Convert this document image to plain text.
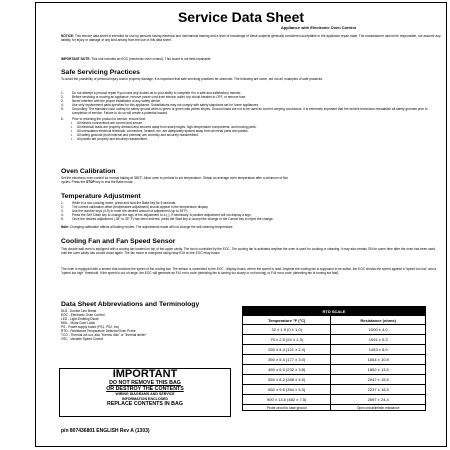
Service Data Sheet
Appliance with Electronic Oven Control
NOTICE: This service data sheet is intended for use by persons having electrical and mechanical training and a level of knowledge of these subjects generally considered acceptable in the appliance repair trade. The manufacturer cannot be responsible, nor assume any liability, for injury or damage of any kind arising from the use of this data sheet.
IMPORTANT NOTE: This unit includes an EOC (electronic oven control). This board is not field-repairable.
Safe Servicing Practices
To avoid the possibility of personal injury and/or property damage, it is important that safe servicing practices be observed. The following are some, but not all, examples of safe practices.
1.	Do not attempt a product repair if you have any doubts as to your ability to complete it in a safe and satisfactory manner.
2.	Before servicing or moving an appliance, remove power cord from electric outlet, trip circuit breaker to OFF, or remove fuse.
3.	Never interfere with the proper installation of any safety device.
4.	Use only replacement parts specified for this appliance. Substitutions may not comply with safety standards set for home appliances.
5.	Grounding: The standard color coding for safety ground wires is green or green with yellow stripes. Ground leads are not to be used as current carrying conductors. It is extremely important that the service technician reestablish all safety grounds prior to completion of service. Failure to do so will create a potential hazard.
6.	Prior to returning the product to service, ensure that:
•	All electric connections are correct and secure.
•	All electrical leads are properly dressed and secured away from sharp edges, high-temperature components, and moving parts.
•	All uninsulated electrical terminals, connectors, heaters, etc. are adequately spaced away from all metal parts and panels.
•	All safety grounds (both internal and external) are correctly and securely reassembled.
•	All panels are properly and securely reassembled.
Oven Calibration
Set the electronic oven control for normal baking at 350°F. Allow oven to preheat to set temperature. Obtain an average oven temperature after a minimum of five
cycles. Press the STOP key to end the Bake mode.
Temperature Adjustment
1.	While in a non-cooking mode, press and hold the Bake key for 6 seconds.
2.	The current calibration offset (temperature adjustment) should appear in the temperature display.
3.	Use the number keys (0-9) to enter the desired amount of adjustment (up to 35°F).
4.	Press the Self Clean key to change the sign of the adjustment to a (-). If necessary. A positive adjustment will not display a sign.
5.	Once the desired adjustment (-35° to 35° F) has been entered, press the Start key to accept the change or the Cancel key to reject the change.
Note: Changing calibration affects all baking modes. The adjustments made will not change the self-cleaning temperature.
Cooling Fan and Fan Speed Sensor
This double wall oven is equipped with a cooling fan located on top of the upper cavity. The fan is controlled by the EOC. The cooling fan is activated anytime the oven is used for cooking or cleaning. It may also remain ON for some time after the oven has been used, until the oven cavity has cooled down again. The fan motor is energized using relay K16 on the EOC relay board.
The oven is equipped with a sensor that monitors the speed of the cooling fan. The sensor is connected to the EOC - display board, where the speed is read. Anytime the cooling fan is supposed to be active, the EOC checks the speed against a "speed too low" and a "speed too high" threshold. If the speed is out of range, the EOC will generate an F41 error code (detecting fan is turning too slowly or not turning) or F44 error code (detecting fan is turning too fast).
Data Sheet Abbreviations and Terminology
DLB - Double Line Break
EOC - Electronic Oven Control
LED - Light-Emitting Diode
MDL - Motor Door Latch
PS - Power supply board (PS1, PS2, etc)
RTD - Resistance Temperature Detector/Oven Probe
TCO - Thermal cut out, also "thermo disc" or "thermal limiter"
VSC - Variable Speed Control
IMPORTANT
DO NOT REMOVE THIS BAG
OR DESTROY THE CONTENTS
WIRING DIAGRAMS AND SERVICE
INFORMATION ENCLOSED
REPLACE CONTENTS IN BAG
p/n 807436801 ENGLISH Rev A (1303)
RTD SCALE	
Temperature °F (°C)	Resistance (ohms)
32 ± 1.9 (0 ± 1.0)	1000 ± 4.0
75 ± 2.5 (24 ± 1.3)	1091 ± 5.3
250 ± 4.4 (121 ± 2.4)	1453 ± 8.9
350 ± 5.4 (177 ± 3.0)	1654 ± 10.8
450 ± 6.9 (232 ± 3.8)	1852 ± 13.5
550 ± 8.2 (288 ± 4.5)	2047 ± 15.5
650 ± 9.6 (354 ± 5.3)	2237 ± 18.5
900 ± 13.6 (482 ± 7.5)	2697 ± 24.4
Probe circuit to case ground	Open circuit/infinite resistance
